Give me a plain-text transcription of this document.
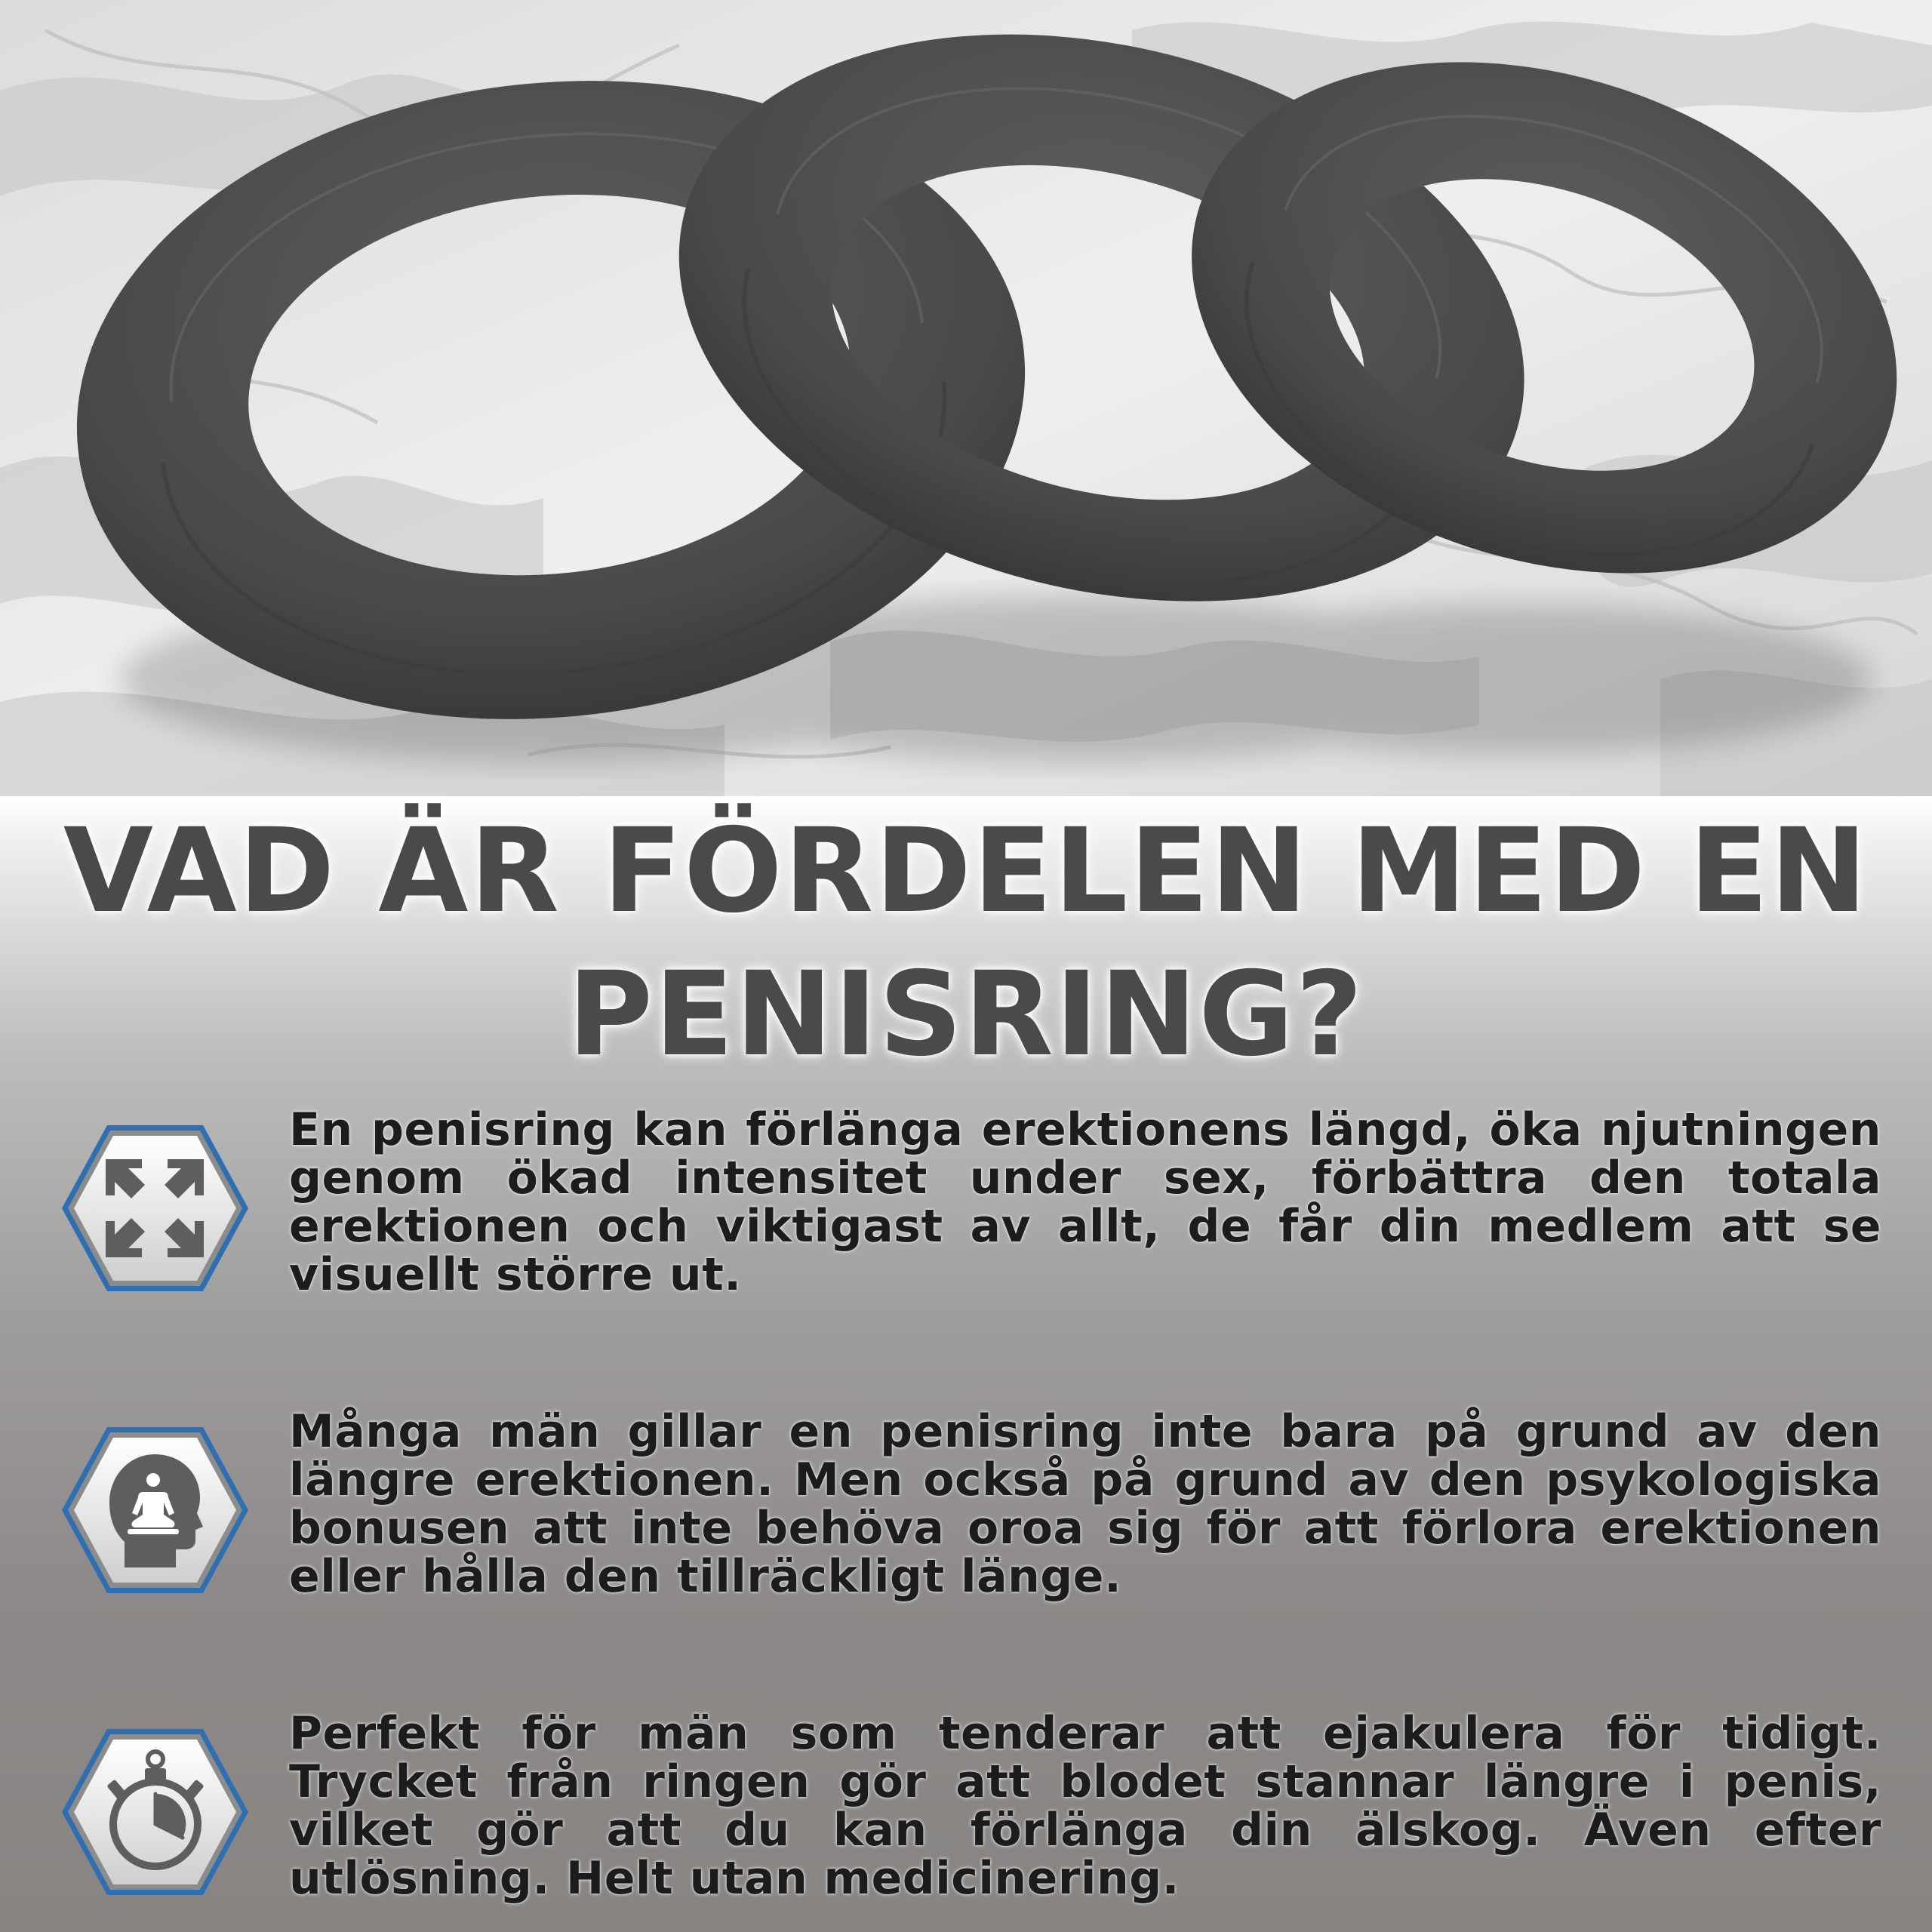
VAD ÄR FÖRDELEN MED EN
PENISRING?
En penisring kan förlänga erektionens längd, öka njutningen genom ökad intensitet under sex, förbättra den totala erektionen och viktigast av allt, de får din medlem att se visuellt större ut.
Många män gillar en penisring inte bara på grund av den längre erektionen. Men också på grund av den psykologiska bonusen att inte behöva oroa sig för att förlora erektionen eller hålla den tillräckligt länge.
Perfekt för män som tenderar att ejakulera för tidigt. Trycket från ringen gör att blodet stannar längre i penis, vilket gör att du kan förlänga din älskog. Även efter utlösning. Helt utan medicinering.
